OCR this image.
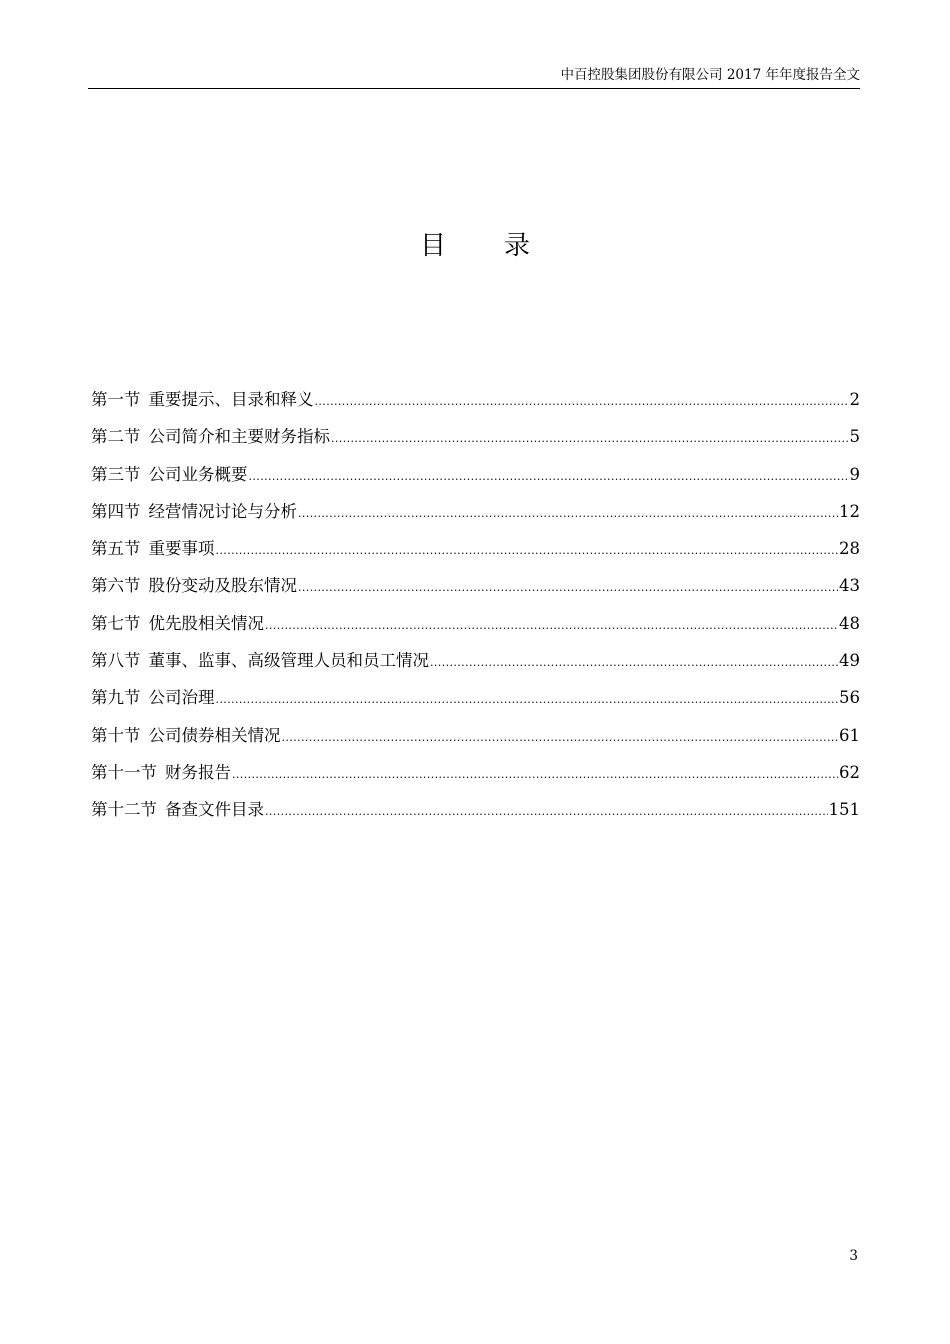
中百控股集团股份有限公司 2017 年年度报告全文
目录
第一节 重要提示、目录和释义 .....	2
第二节 公司简介和主要财务指标 .....	5
第三节 公司业务概要 .....	9
第四节 经营情况讨论与分析 .....	12
第五节 重要事项 .....	28
第六节 股份变动及股东情况 .....	43
第七节 优先股相关情况 .....	48
第八节 董事、监事、高级管理人员和员工情况 .....	49
第九节 公司治理 .....	56
第十节 公司债券相关情况 .....	61
第十一节 财务报告 .....	62
第十二节 备查文件目录 .....	151
3
